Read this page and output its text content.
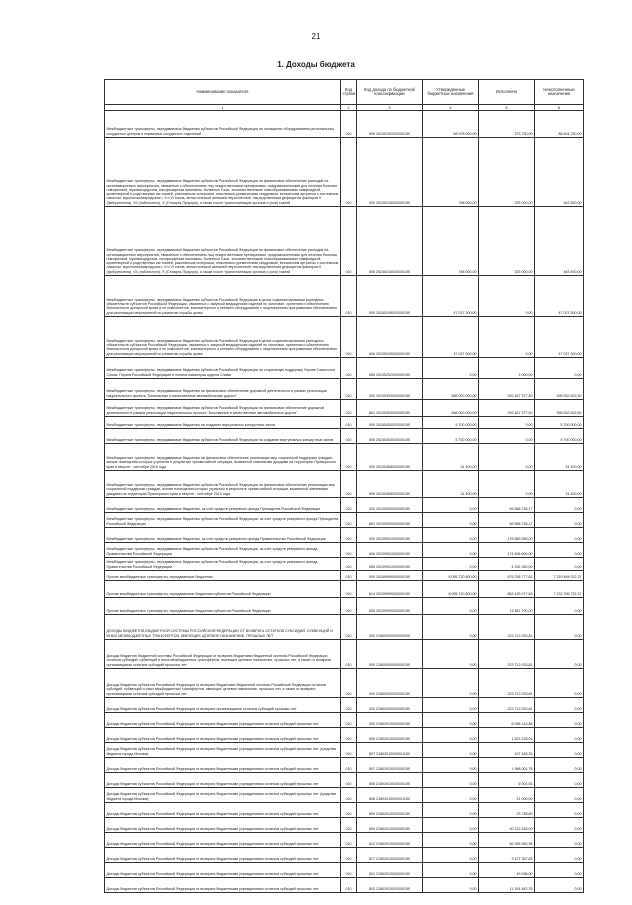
21
1. Доходы бюджета
Наименование показателя	Код строки	Код дохода по бюджетной классификации	Утвержденные бюджетные назначения	Исполнено	Неисполненные назначения
1	2	3	4	5	6
Межбюджетные трансферты, передаваемые бюджетам субъектов Российской Федерации на оснащение оборудованием региональных сосудистых центров и первичных сосудистых отделений	010	806 20245192020000150	88 978 500,00	373 750,00	88 604 750,00
Межбюджетные трансферты, передаваемые бюджетам субъектов Российской Федерации на финансовое обеспечение расходов на организационные мероприятия, связанные с обеспечением лиц лекарственными препаратами, предназначенными для лечения больных гемофилией, муковисцидозом, гипофизарным нанизмом, болезнью Гоше, злокачественными новообразованиями лимфоидной, кроветворной и родственных им тканей, рассеянным склерозом, гемолитико-уремическим синдромом, юношеским артритом с системным началом, мукополисахаридозом I, II и VI типов, апластической анемией неуточненной, наследственным дефицитом факторов II (фибриногена), VII (лабильного), X (Стюарта-Прауэра), а также после трансплантации органов и (или) тканей	010	000 20245216020000150	788 500,00	325 000,00	463 500,00
Межбюджетные трансферты, передаваемые бюджетам субъектов Российской Федерации на финансовое обеспечение расходов на организационные мероприятия, связанные с обеспечением лиц лекарственными препаратами, предназначенными для лечения больных гемофилией, муковисцидозом, гипофизарным нанизмом, болезнью Гоше, злокачественными новообразованиями лимфоидной, кроветворной и родственных им тканей, рассеянным склерозом, гемолитико-уремическим синдромом, юношеским артритом с системным началом, мукополисахаридозом I, II и VI типов, апластической анемией неуточненной, наследственным дефицитом факторов II (фибриногена), VII (лабильного), X (Стюарта-Прауэра), а также после трансплантации органов и (или) тканей	010	806 20245216020000150	788 500,00	325 000,00	463 500,00
Межбюджетные трансферты, передаваемые бюджетам субъектов Российской Федерации в целях софинансирования расходных обязательств субъектов Российской Федерации, связанных с закупкой медицинских изделий по заготовке, хранению и обеспечению безопасности донорской крови и ее компонентов, компьютерного и сетевого оборудования с лицензионным программным обеспечением для реализации мероприятий по развитию службы крови	010	000 20245249020000150	47 027 300,00	0,00	47 027 300,00
Межбюджетные трансферты, передаваемые бюджетам субъектов Российской Федерации в целях софинансирования расходных обязательств субъектов Российской Федерации, связанных с закупкой медицинских изделий по заготовке, хранению и обеспечению безопасности донорской крови и ее компонентов, компьютерного и сетевого оборудования с лицензионным программным обеспечением для реализации мероприятий по развитию службы крови	010	806 20245249020000150	47 027 300,00	0,00	47 027 300,00
Межбюджетные трансферты, передаваемые бюджетам субъектов Российской Федерации на социальную поддержку Героев Советского Союза, Героев Российской Федерации и полных кавалеров ордена Славы	010	855 20245252020000150	0,00	2 000,00	0,00
Межбюджетные трансферты, передаваемые бюджетам на финансовое обеспечение дорожной деятельности в рамках реализации национального проекта "Безопасные и качественные автомобильные дороги"	010	000 20245393020000150	688 000 000,00	292 467 377,50	395 532 622,50
Межбюджетные трансферты, передаваемые бюджетам субъектов Российской Федерации на финансовое обеспечение дорожной деятельности в рамках реализации национального проекта "Безопасные и качественные автомобильные дороги"	010	861 20245393020000150	688 000 000,00	292 467 377,50	395 532 622,50
Межбюджетные трансферты, передаваемые бюджетам на создание виртуальных концертных залов	010	000 20245453020000150	5 700 000,00	0,00	5 700 000,00
Межбюджетные трансферты, передаваемые бюджетам субъектов Российской Федерации на создание виртуальных концертных залов	010	808 20245453020000150	5 700 000,00	0,00	5 700 000,00
Межбюджетные трансферты, передаваемые бюджетам на финансовое обеспечение реализации мер социальной поддержки граждан, жилые помещения которых утрачены в результате чрезвычайной ситуации, вызванной ливневыми дождями на территории Приморского края в августе - сентябре 2016 года	010	000 20245468020000150	31 400,00	0,00	31 400,00
Межбюджетные трансферты, передаваемые бюджетам субъектов Российской Федерации на финансовое обеспечение реализации мер социальной поддержки граждан, жилые помещения которых утрачены в результате чрезвычайной ситуации, вызванной ливневыми дождями на территории Приморского края в августе - сентябре 2016 года	010	806 20245468020000150	31 400,00	0,00	31 400,00
Межбюджетные трансферты, передаваемые бюджетам, за счет средств резервного фонда Президента Российской Федерации	010	000 20249000000000150	0,00	59 588 735,17	0,00
Межбюджетные трансферты, передаваемые бюджетам субъектов Российской Федерации, за счет средств резервного фонда Президента Российской Федерации	010	861 20249000020000150	0,00	59 588 735,17	0,00
Межбюджетные трансферты, передаваемые бюджетам, за счет средств резервного фонда Правительства Российской Федерации	010	000 20249001000000150	0,00	178 889 280,00	0,00
Межбюджетные трансферты, передаваемые бюджетам субъектов Российской Федерации, за счет средств резервного фонда Правительства Российской Федерации	010	806 20249001020000150	0,00	174 596 600,00	0,00
Межбюджетные трансферты, передаваемые бюджетам субъектов Российской Федерации, за счет средств резервного фонда Правительства Российской Федерации	010	855 20249001020000150	0,00	4 292 280,00	0,00
Прочие межбюджетные трансферты, передаваемые бюджетам	010	000 20249999000000150	8 095 720 800,00	876 236 777,63	7 219 484 022,37
Прочие межбюджетные трансферты, передаваемые бюджетам субъектов Российской Федерации	010	814 20249999020000150	8 095 720 800,00	863 425 077,63	7 232 295 722,37
Прочие межбюджетные трансферты, передаваемые бюджетам субъектов Российской Федерации	010	855 20249999020000150	0,00	12 811 700,00	0,00
ДОХОДЫ БЮДЖЕТОВ БЮДЖЕТНОЙ СИСТЕМЫ РОССИЙСКОЙ ФЕДЕРАЦИИ ОТ ВОЗВРАТА ОСТАТКОВ СУБСИДИЙ, СУБВЕНЦИЙ И ИНЫХ МЕЖБЮДЖЕТНЫХ ТРАНСФЕРТОВ, ИМЕЮЩИХ ЦЕЛЕВОЕ НАЗНАЧЕНИЕ, ПРОШЛЫХ ЛЕТ	010	000 21800000000000000	0,00	223 712 033,81	0,00
Доходы бюджетов бюджетной системы Российской Федерации от возврата бюджетами бюджетной системы Российской Федерации остатков субсидий, субвенций и иных межбюджетных трансфертов, имеющих целевое назначение, прошлых лет, а также от возврата организациями остатков субсидий прошлых лет	010	000 21800000000000150	0,00	223 712 033,81	0,00
Доходы бюджетов субъектов Российской Федерации от возврата бюджетами бюджетной системы Российской Федерации остатков субсидий, субвенций и иных межбюджетных трансфертов, имеющих целевое назначение, прошлых лет, а также от возврата организациями остатков субсидий прошлых лет	010	000 21800000020000150	0,00	223 712 033,81	0,00
Доходы бюджетов субъектов Российской Федерации от возврата организациями остатков субсидий прошлых лет	010	000 21802000020000150	0,00	223 712 033,81	0,00
Доходы бюджетов субъектов Российской Федерации от возврата бюджетными учреждениями остатков субсидий прошлых лет	010	000 21802010020000150	0,00	6 058 143,88	0,00
Доходы бюджетов субъектов Российской Федерации от возврата бюджетными учреждениями остатков субсидий прошлых лет	010	806 21802010020000150	0,00	1 823 228,01	0,00
Доходы бюджетов субъектов Российской Федерации от возврата бюджетными учреждениями остатков субсидий прошлых лет (средства бюджета города Москвы)	010	807 21802010020001150	0,00	107 445,35	0,00
Доходы бюджетов субъектов Российской Федерации от возврата бюджетными учреждениями остатков субсидий прошлых лет	010	807 21802010020000150	0,00	1 988 001,76	0,00
Доходы бюджетов субъектов Российской Федерации от возврата бюджетными учреждениями остатков субсидий прошлых лет	010	808 21802010020000150	0,00	6 001,53	0,00
Доходы бюджетов субъектов Российской Федерации от возврата бюджетными учреждениями остатков субсидий прошлых лет (средства бюджета города Москвы)	010	808 21802010020001150	0,00	21 000,00	0,00
Доходы бюджетов субъектов Российской Федерации от возврата бюджетными учреждениями остатков субсидий прошлых лет	010	809 21802010020000150	0,00	23 788,80	0,00
Доходы бюджетов субъектов Российской Федерации от возврата бюджетными учреждениями остатков субсидий прошлых лет	010	809 21802010020000150	0,00	20 212 185,00	0,00
Доходы бюджетов субъектов Российской Федерации от возврата бюджетными учреждениями остатков субсидий прошлых лет	010	812 21802010020000150	0,00	59 285 940,96	0,00
Доходы бюджетов субъектов Российской Федерации от возврата бюджетными учреждениями остатков субсидий прошлых лет	010	817 21802010020000150	0,00	3 127 357,85	0,00
Доходы бюджетов субъектов Российской Федерации от возврата бюджетными учреждениями остатков субсидий прошлых лет	010	831 21802010020000150	0,00	49 296,00	0,00
Доходы бюджетов субъектов Российской Федерации от возврата бюджетными учреждениями остатков субсидий прошлых лет	010	842 21802010020000150	0,00	11 161 842,76	0,00
